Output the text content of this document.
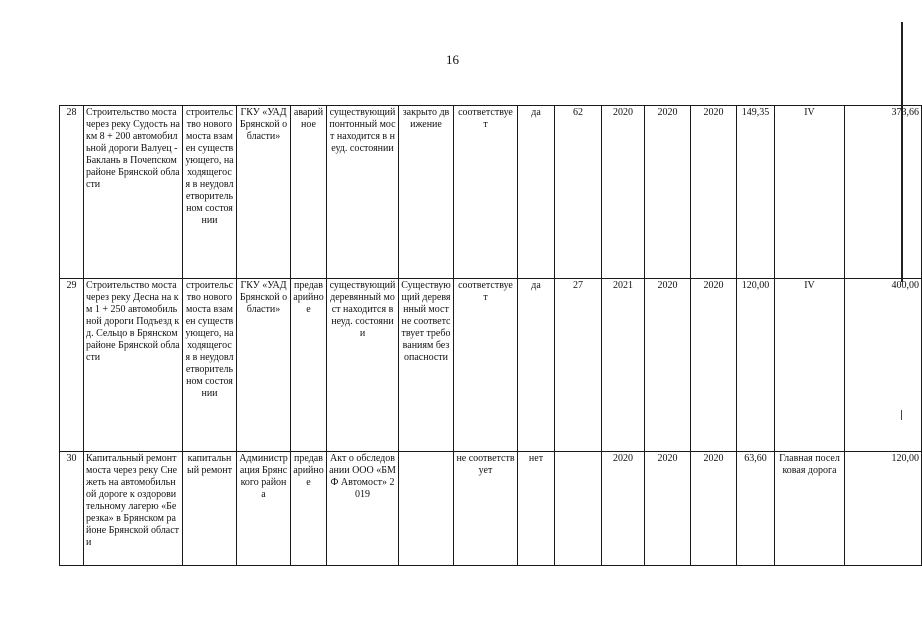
16
28	Строительство моста через реку Судость на км 8 + 200 автомобильной дороги Валуец - Баклань в Почепском районе Брянской области	строительство нового моста взамен существующего, находящегося в неудовлетворительном состоянии	ГКУ «УАД Брянской области»	аварийное	существующий понтонный мост находится в неуд. состоянии	закрыто движение	соответствует	да	62	2020	2020	2020	149,35	IV	373,66
29	Строительство моста через реку Десна на км 1 + 250 автомобильной дороги Подъезд к д. Сельцо в Брянском районе Брянской области	строительство нового моста взамен существующего, находящегося в неудовлетворительном состоянии	ГКУ «УАД Брянской области»	предаварийное	существующий деревянный мост находится в неуд. состоянии	Существующий деревянный мост не соответствует требованиям безопасности	соответствует	да	27	2021	2020	2020	120,00	IV	400,00
30	Капитальный ремонт моста через реку Снежеть на автомобильной дороге к оздоровительному лагерю «Березка» в Брянском районе Брянской области	капитальный ремонт	Администрация Брянского района	предаварийное	Акт о обследовании ООО «БМФ Автомост» 2019		не соответствует	нет		2020	2020	2020	63,60	Главная поселковая дорога	120,00
